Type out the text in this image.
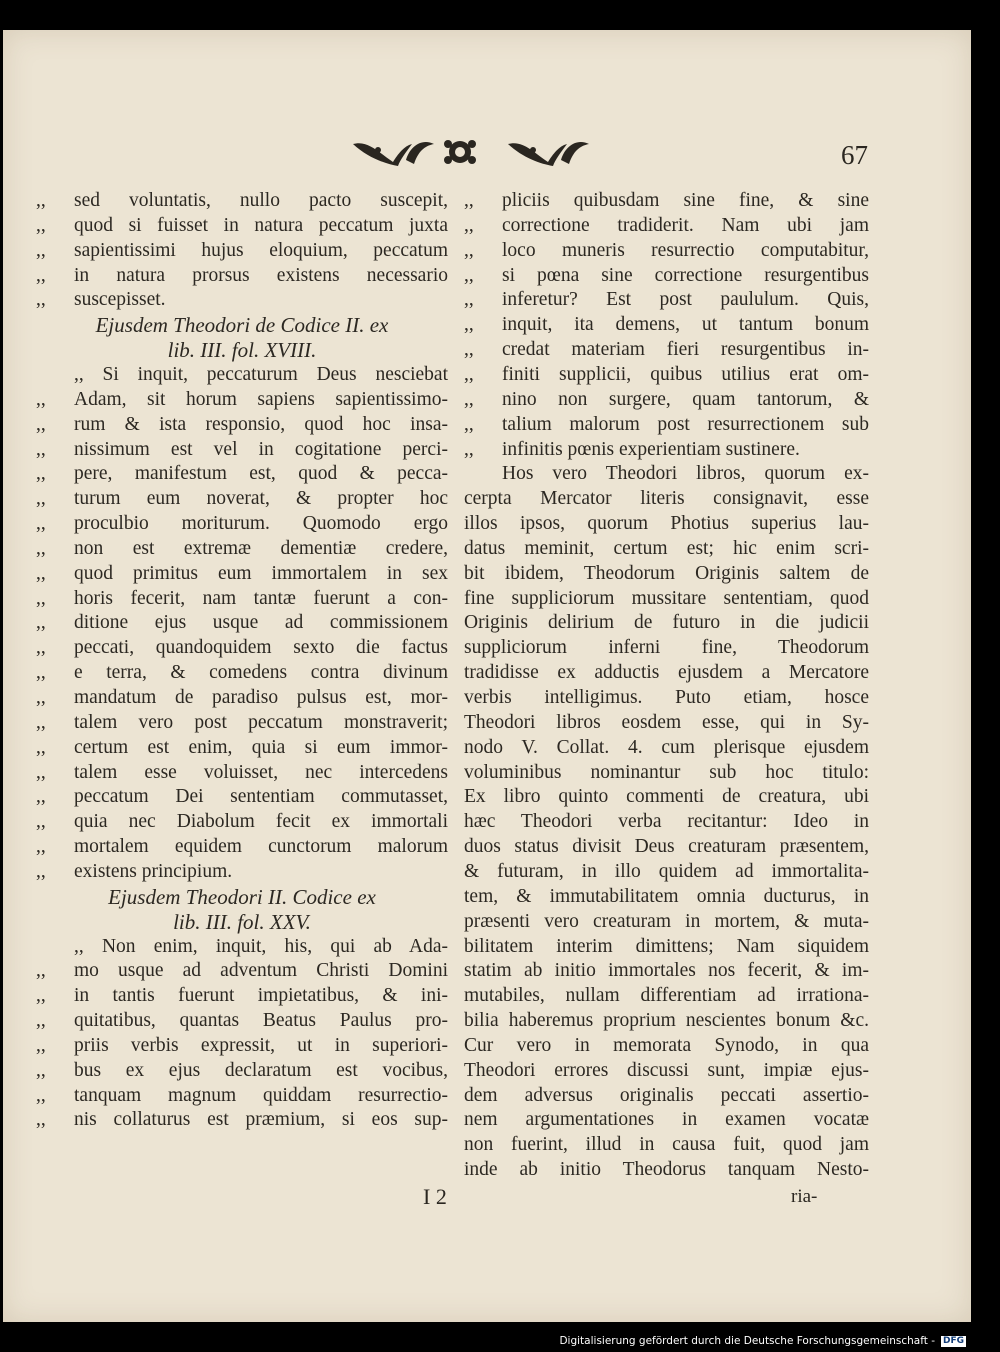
67
,,	sed voluntatis, nullo pacto suscepit,
,,	quod si fuisset in natura peccatum juxta
,,	sapientissimi hujus eloquium, peccatum
,,	in natura prorsus existens necessario
,,	suscepisset.
Ejusdem Theodori de Codice II. ex
lib. III. fol. XVIII.
,, Si inquit, peccaturum Deus nesciebat
,,	Adam, sit horum sapiens sapientissimo-
,,	rum & ista responsio, quod hoc insa-
,,	nissimum est vel in cogitatione perci-
,,	pere, manifestum est, quod & pecca-
,,	turum eum noverat, & propter hoc
,,	proculbio moriturum. Quomodo ergo
,,	non est extremæ dementiæ credere,
,,	quod primitus eum immortalem in sex
,,	horis fecerit, nam tantæ fuerunt a con-
,,	ditione ejus usque ad commissionem
,,	peccati, quandoquidem sexto die factus
,,	e terra, & comedens contra divinum
,,	mandatum de paradiso pulsus est, mor-
,,	talem vero post peccatum monstraverit;
,,	certum est enim, quia si eum immor-
,,	talem esse voluisset, nec intercedens
,,	peccatum Dei sententiam commutasset,
,,	quia nec Diabolum fecit ex immortali
,,	mortalem equidem cunctorum malorum
,,	existens principium.
Ejusdem Theodori II. Codice ex
lib. III. fol. XXV.
,, Non enim, inquit, his, qui ab Ada-
,,	mo usque ad adventum Christi Domini
,,	in tantis fuerunt impietatibus, & ini-
,,	quitatibus, quantas Beatus Paulus pro-
,,	priis verbis expressit, ut in superiori-
,,	bus ex ejus declaratum est vocibus,
,,	tanquam magnum quiddam resurrectio-
,,	nis collaturus est præmium, si eos sup-
,,	pliciis quibusdam sine fine, & sine
,,	correctione tradiderit. Nam ubi jam
,,	loco muneris resurrectio computabitur,
,,	si pœna sine correctione resurgentibus
,,	inferetur? Est post paululum. Quis,
,,	inquit, ita demens, ut tantum bonum
,,	credat materiam fieri resurgentibus in-
,,	finiti supplicii, quibus utilius erat om-
,,	nino non surgere, quam tantorum, &
,,	talium malorum post resurrectionem sub
,,	infinitis pœnis experientiam sustinere.
Hos vero Theodori libros, quorum ex-
cerpta Mercator literis consignavit, esse
illos ipsos, quorum Photius superius lau-
datus meminit, certum est; hic enim scri-
bit ibidem, Theodorum Originis saltem de
fine suppliciorum mussitare sententiam, quod
Originis delirium de futuro in die judicii
suppliciorum inferni fine, Theodorum
tradidisse ex adductis ejusdem a Mercatore
verbis intelligimus. Puto etiam, hosce
Theodori libros eosdem esse, qui in Sy-
nodo V. Collat. 4. cum plerisque ejusdem
voluminibus nominantur sub hoc titulo:
Ex libro quinto commenti de creatura, ubi
hæc Theodori verba recitantur: Ideo in
duos status divisit Deus creaturam præsentem,
& futuram, in illo quidem ad immortalita-
tem, & immutabilitatem omnia ducturus, in
præsenti vero creaturam in mortem, & muta-
bilitatem interim dimittens; Nam siquidem
statim ab initio immortales nos fecerit, & im-
mutabiles, nullam differentiam ad irrationa-
bilia haberemus proprium nescientes bonum &c.
Cur vero in memorata Synodo, in qua
Theodori errores discussi sunt, impiæ ejus-
dem adversus originalis peccati assertio-
nem argumentationes in examen vocatæ
non fuerint, illud in causa fuit, quod jam
inde ab initio Theodorus tanquam Nesto-
I 2	ria-
Digitalisierung gefördert durch die Deutsche Forschungsgemeinschaft - DFG
